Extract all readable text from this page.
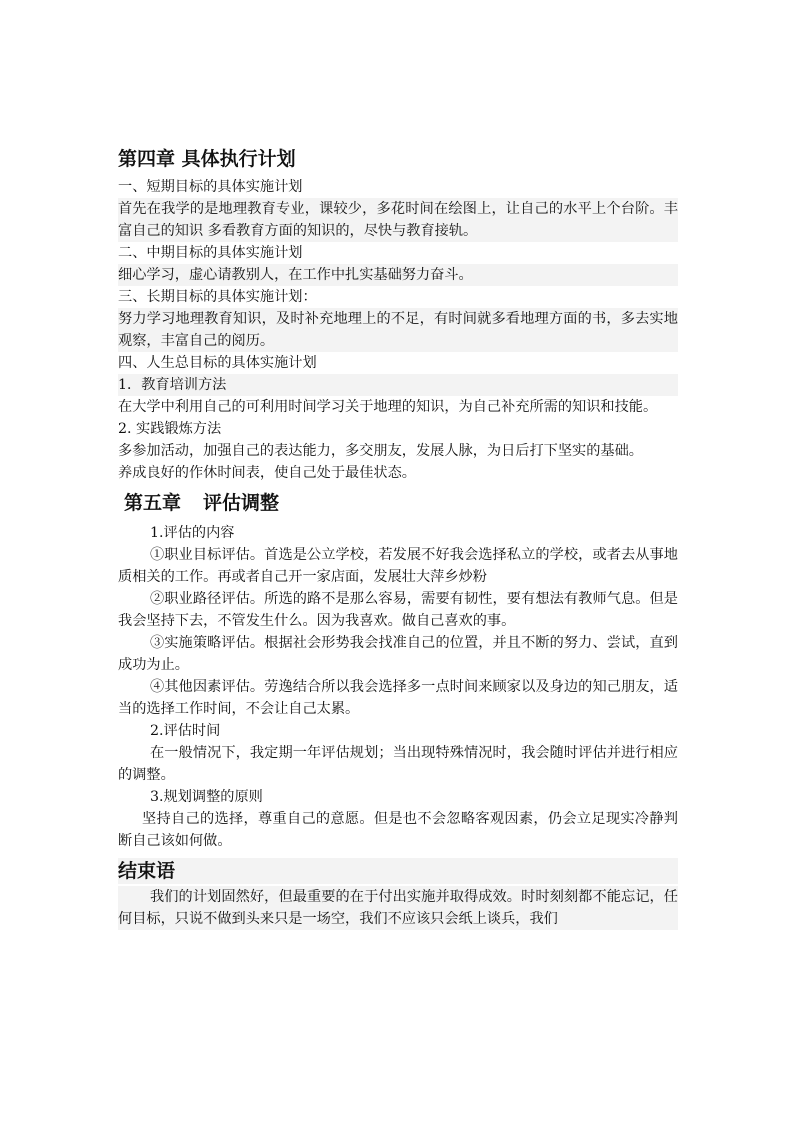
第四章 具体执行计划

一、短期目标的具体实施计划

首先在我学的是地理教育专业，课较少，多花时间在绘图上，让自己的水平上个台阶。丰富自己的知识 多看教育方面的知识的，尽快与教育接轨。

二、中期目标的具体实施计划

细心学习，虚心请教别人，在工作中扎实基础努力奋斗。

三、长期目标的具体实施计划：

努力学习地理教育知识，及时补充地理上的不足，有时间就多看地理方面的书，多去实地观察，丰富自己的阅历。

四、人生总目标的具体实施计划

1．教育培训方法

在大学中利用自己的可利用时间学习关于地理的知识，为自己补充所需的知识和技能。

2. 实践锻炼方法

多参加活动，加强自己的表达能力，多交朋友，发展人脉，为日后打下坚实的基础。

养成良好的作休时间表，使自己处于最佳状态。

第五章 评估调整

1.评估的内容

①职业目标评估。首选是公立学校，若发展不好我会选择私立的学校，或者去从事地质相关的工作。再或者自己开一家店面，发展壮大萍乡炒粉

②职业路径评估。所选的路不是那么容易，需要有韧性，要有想法有教师气息。但是我会坚持下去，不管发生什么。因为我喜欢。做自己喜欢的事。

③实施策略评估。根据社会形势我会找准自己的位置，并且不断的努力、尝试，直到成功为止。

④其他因素评估。劳逸结合所以我会选择多一点时间来顾家以及身边的知己朋友，适当的选择工作时间，不会让自己太累。

2.评估时间

在一般情况下，我定期一年评估规划；当出现特殊情况时，我会随时评估并进行相应的调整。

3.规划调整的原则

坚持自己的选择，尊重自己的意愿。但是也不会忽略客观因素，仍会立足现实冷静判断自己该如何做。

结束语

我们的计划固然好，但最重要的在于付出实施并取得成效。时时刻刻都不能忘记，任何目标，只说不做到头来只是一场空，我们不应该只会纸上谈兵，我们
